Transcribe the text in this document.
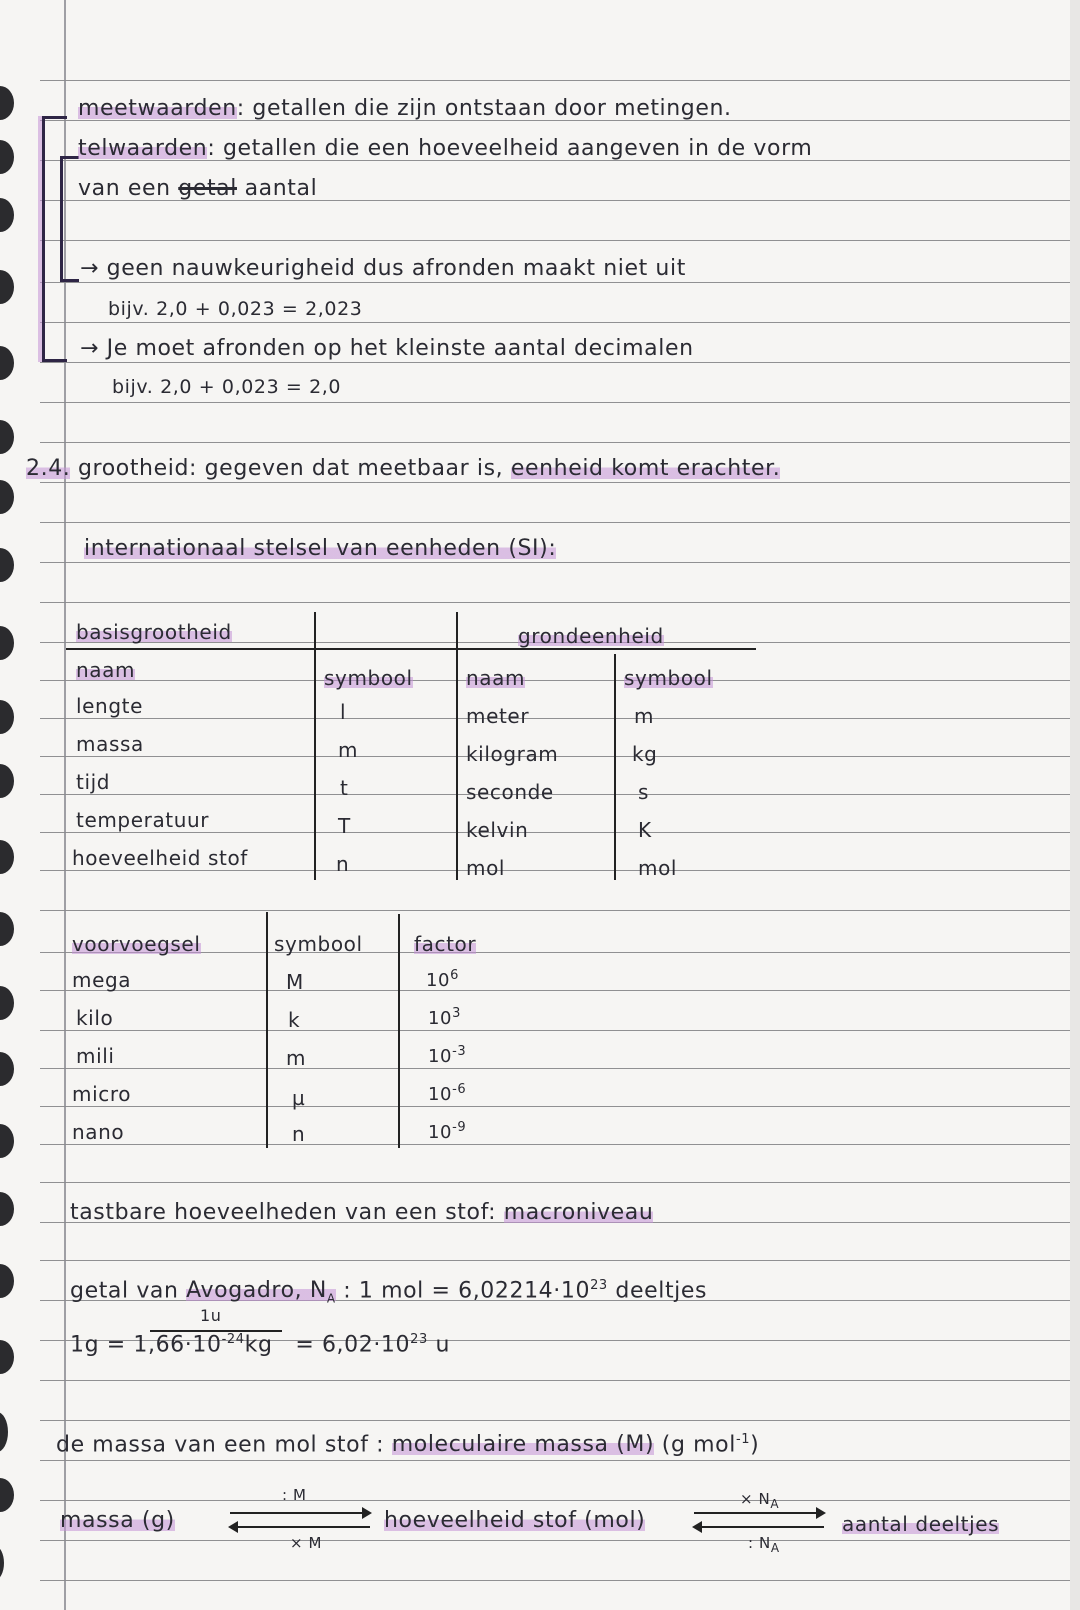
meetwaarden: getallen die zijn ontstaan door metingen.
telwaarden: getallen die een hoeveelheid aangeven in de vorm
van een getal aantal
→ geen nauwkeurigheid dus afronden maakt niet uit
bijv. 2,0 + 0,023 = 2,023
→ Je moet afronden op het kleinste aantal decimalen
bijv. 2,0 + 0,023 = 2,0
2.4. grootheid: gegeven dat meetbaar is, eenheid komt erachter.
internationaal stelsel van eenheden (SI):
basisgrootheid	grondeenheid
naam	symbool	naam	symbool
lengte	l	meter	m
massa	m	kilogram	kg
tijd	t	seconde	s
temperatuur	T	kelvin	K
hoeveelheid stof	n	mol	mol
voorvoegsel	symbool	factor
mega	M	$10^6$
kilo	k	$10^3$
mili	m	$10^{-3}$
micro	µ	$10^{-6}$
nano	n	$10^{-9}$
tastbare hoeveelheden van een stof: macroniveau
getal van Avogadro, $N_A$ : 1 mol = $6,02214\cdot 10^{23}$ deeltjes
1u
$1g = 1,66\cdot 10^{-24}kg = 6,02\cdot 10^{23}$ u
de massa van een mol stof : moleculaire massa (M) (g mol$^{-1}$)
massa (g)
: M
× M
hoeveelheid stof (mol)
× $N_A$
: $N_A$
aantal deeltjes
